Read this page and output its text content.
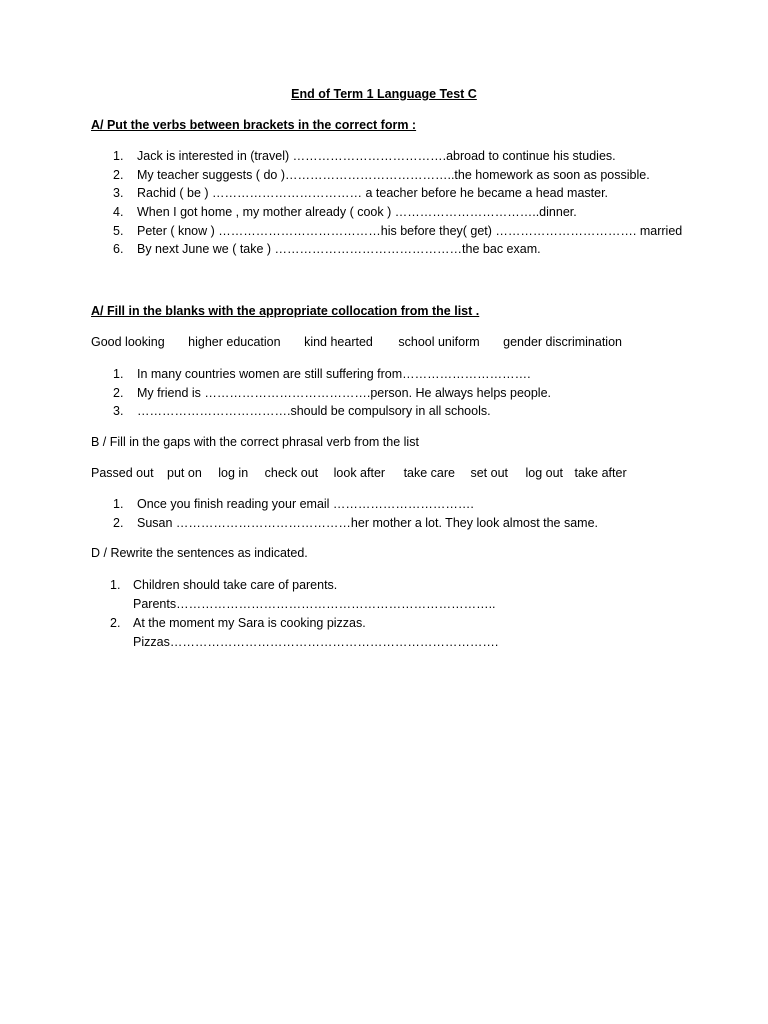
End of Term 1 Language Test C
A/ Put the verbs between brackets in the correct form :
1.	Jack is interested in (travel) ……………………………….abroad to continue his studies.
2.	My teacher suggests ( do )…………………………………..the homework as soon as possible.
3.	Rachid ( be ) ……………………………… a teacher before he became a head master.
4.	When I got home , my mother already ( cook ) ……………………………..dinner.
5.	Peter ( know ) …………………………………his before they( get) ……………………………. married
6.	By next June we ( take ) ………………………………………the bac exam.
A/ Fill in the blanks with the appropriate collocation from the list .
Good looking higher education kind hearted school uniform gender discrimination
1.	In many countries women are still suffering from………………………….
2.	My friend is ………………………………….person. He always helps people.
3.	……………………………….should be compulsory in all schools.
B / Fill in the gaps with the correct phrasal verb from the list
Passed out put on log in check out look after take care set out log out take after
1.	Once you finish reading your email …………………………….
2.	Susan ……………………………………her mother a lot. They look almost the same.
D / Rewrite the sentences as indicated.
1. Children should take care of parents.
Parents…………………………………………………………………..
2. At the moment my Sara is cooking pizzas.
Pizzas…………………………………………………………………….
